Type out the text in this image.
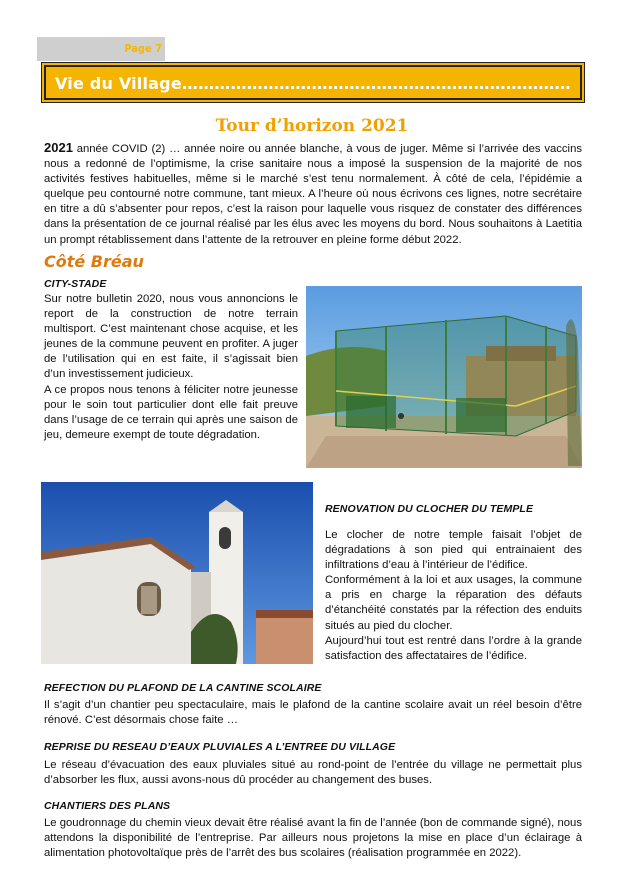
Page 7
Vie du Village………………………………………………………………
Tour d’horizon 2021

2021 année COVID (2) … année noire ou année blanche, à vous de juger. Même si l’arrivée des vaccins nous a redonné de l’optimisme, la crise sanitaire nous a imposé la suspension de la majorité de nos activités festives habituelles, même si le marché s’est tenu normalement. À côté de cela, l’épidémie a quelque peu contourné notre commune, tant mieux. A l’heure où nous écrivons ces lignes, notre secrétaire en titre a dû s’absenter pour repos, c’est la raison pour laquelle vous risquez de constater des différences dans la présentation de ce journal réalisé par les élus avec les moyens du bord. Nous souhaitons à Laetitia un prompt rétablissement dans l’attente de la retrouver en pleine forme début 2022.

Côté Bréau
CITY-STADE

Sur notre bulletin 2020, nous vous annoncions le report de la construction de notre terrain multisport. C’est maintenant chose acquise, et les jeunes de la commune peuvent en profiter. A juger de l’utilisation qui en est faite, il s’agissait bien d’un investissement judicieux.
A ce propos nous tenons à féliciter notre jeunesse pour le soin tout particulier dont elle fait preuve dans l’usage de ce terrain qui après une saison de jeu, demeure exempt de toute dégradation.

RENOVATION DU CLOCHER DU TEMPLE

Le clocher de notre temple faisait l’objet de dégradations à son pied qui entrainaient des infiltrations d’eau à l’intérieur de l’édifice.
Conformément à la loi et aux usages, la commune a pris en charge la réparation des défauts d’étanchéité constatés par la réfection des enduits situés au pied du clocher.
Aujourd’hui tout est rentré dans l’ordre à la grande satisfaction des affectataires de l’édifice.

REFECTION DU PLAFOND DE LA CANTINE SCOLAIRE

Il s’agit d’un chantier peu spectaculaire, mais le plafond de la cantine scolaire avait un réel besoin d’être rénové. C’est désormais chose faite …

REPRISE DU RESEAU D’EAUX PLUVIALES A L’ENTREE DU VILLAGE

Le réseau d’évacuation des eaux pluviales situé au rond-point de l’entrée du village ne permettait plus d’absorber les flux, aussi avons-nous dû procéder au changement des buses.

CHANTIERS DES PLANS

Le goudronnage du chemin vieux devait être réalisé avant la fin de l’année (bon de commande signé), nous attendons la disponibilité de l’entreprise. Par ailleurs nous projetons la mise en place d’un éclairage à alimentation photovoltaïque près de l’arrêt des bus scolaires (réalisation programmée en 2022).
